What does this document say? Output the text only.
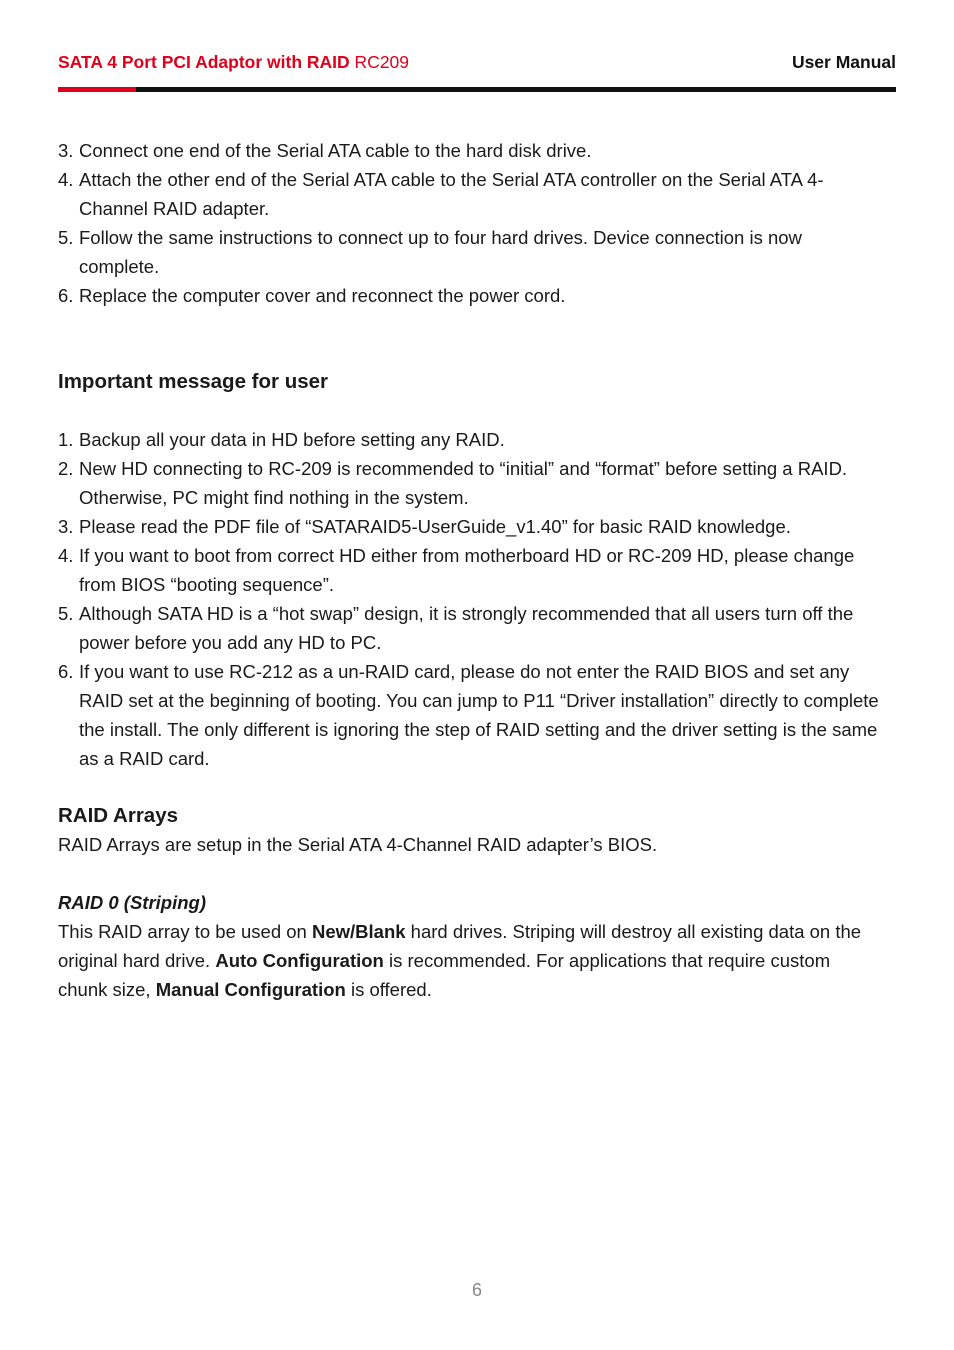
SATA 4 Port PCI Adaptor with RAID RC209	User Manual
3. Connect one end of the Serial ATA cable to the hard disk drive.
4. Attach the other end of the Serial ATA cable to the Serial ATA controller on the Serial ATA 4-Channel RAID adapter.
5. Follow the same instructions to connect up to four hard drives. Device connection is now complete.
6. Replace the computer cover and reconnect the power cord.
Important message for user
1. Backup all your data in HD before setting any RAID.
2. New HD connecting to RC-209 is recommended to “initial” and “format” before setting a RAID. Otherwise, PC might find nothing in the system.
3. Please read the PDF file of “SATARAID5-UserGuide_v1.40” for basic RAID knowledge.
4. If you want to boot from correct HD either from motherboard HD or RC-209 HD, please change from BIOS “booting sequence”.
5. Although SATA HD is a “hot swap” design, it is strongly recommended that all users turn off the power before you add any HD to PC.
6. If you want to use RC-212 as a un-RAID card, please do not enter the RAID BIOS and set any RAID set at the beginning of booting. You can jump to P11 “Driver installation” directly to complete the install. The only different is ignoring the step of RAID setting and the driver setting is the same as a RAID card.
RAID Arrays

RAID Arrays are setup in the Serial ATA 4-Channel RAID adapter’s BIOS.

RAID 0 (Striping)

This RAID array to be used on New/Blank hard drives. Striping will destroy all existing data on the original hard drive. Auto Configuration is recommended. For applications that require custom chunk size, Manual Configuration is offered.

6
